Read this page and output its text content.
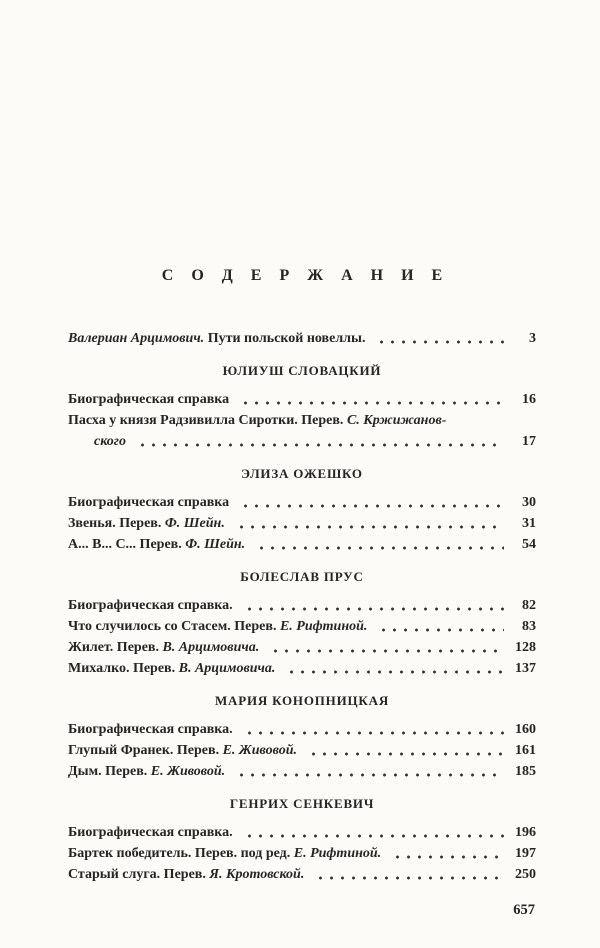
С О Д Е Р Ж А Н И Е
Валериан Арцимович. Пути польской новеллы.	3
ЮЛИУШ СЛОВАЦКИЙ
Биографическая справка	16
Пасха у князя Радзивилла Сиротки. Перев. С. Кржижанов-
ского	17
ЭЛИЗА ОЖЕШКО
Биографическая справка	30
Звенья. Перев. Ф. Шейн.	31
А... В... С... Перев. Ф. Шейн.	54
БОЛЕСЛАВ ПРУС
Биографическая справка.	82
Что случилось со Стасем. Перев. Е. Рифтиной.	83
Жилет. Перев. В. Арцимовича.	128
Михалко. Перев. В. Арцимовича.	137
МАРИЯ КОНОПНИЦКАЯ
Биографическая справка.	160
Глупый Франек. Перев. Е. Живовой.	161
Дым. Перев. Е. Живовой.	185
ГЕНРИХ СЕНКЕВИЧ
Биографическая справка.	196
Бартек победитель. Перев. под ред. Е. Рифтиной.	197
Старый слуга. Перев. Я. Кротовской.	250
657
